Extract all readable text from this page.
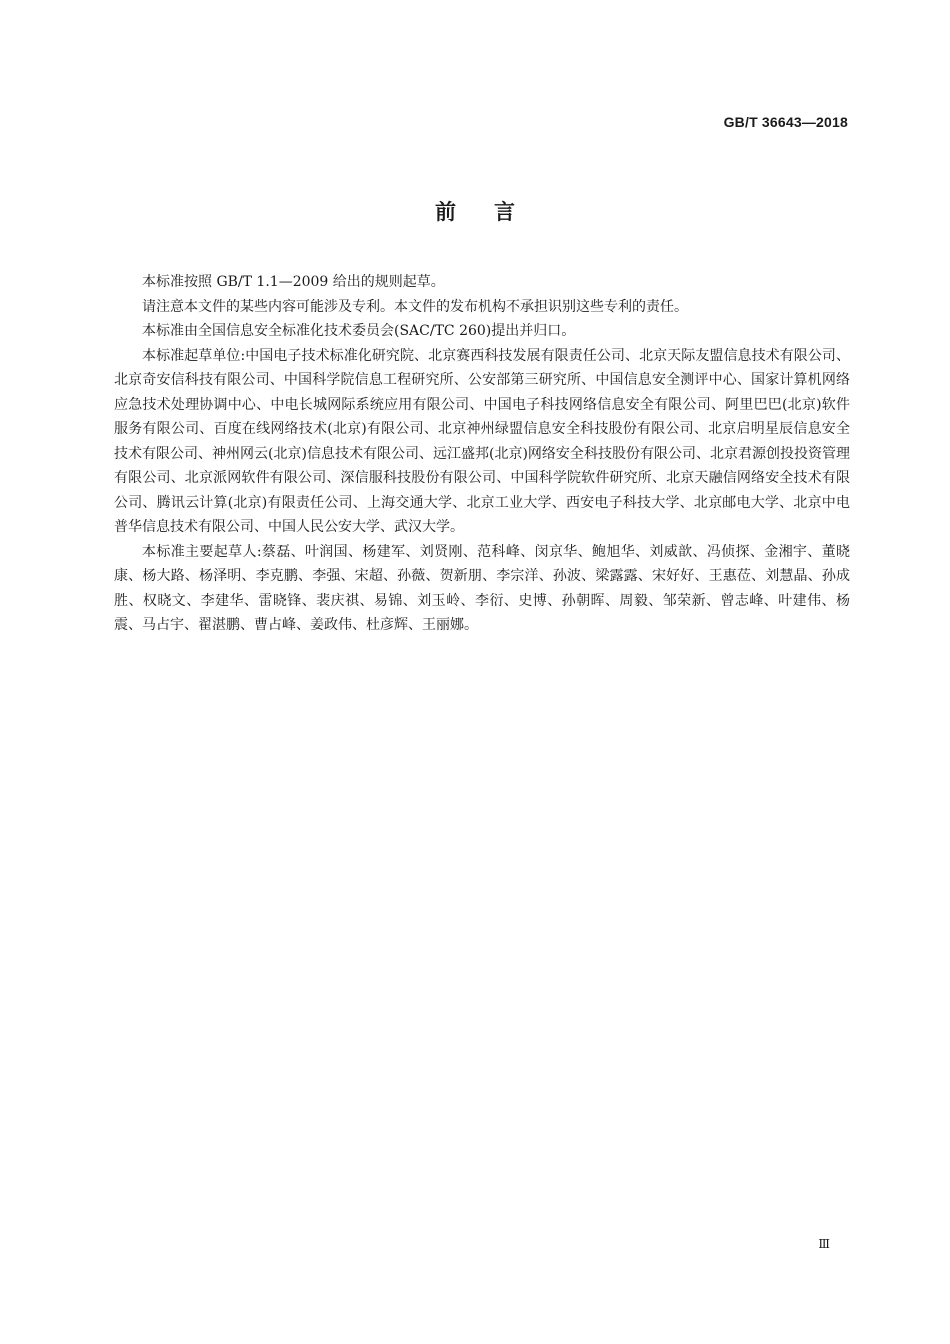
GB/T 36643—2018
前言

本标准按照 GB/T 1.1—2009 给出的规则起草。

请注意本文件的某些内容可能涉及专利。本文件的发布机构不承担识别这些专利的责任。

本标准由全国信息安全标准化技术委员会(SAC/TC 260)提出并归口。

本标准起草单位:中国电子技术标准化研究院、北京赛西科技发展有限责任公司、北京天际友盟信息技术有限公司、北京奇安信科技有限公司、中国科学院信息工程研究所、公安部第三研究所、中国信息安全测评中心、国家计算机网络应急技术处理协调中心、中电长城网际系统应用有限公司、中国电子科技网络信息安全有限公司、阿里巴巴(北京)软件服务有限公司、百度在线网络技术(北京)有限公司、北京神州绿盟信息安全科技股份有限公司、北京启明星辰信息安全技术有限公司、神州网云(北京)信息技术有限公司、远江盛邦(北京)网络安全科技股份有限公司、北京君源创投投资管理有限公司、北京派网软件有限公司、深信服科技股份有限公司、中国科学院软件研究所、北京天融信网络安全技术有限公司、腾讯云计算(北京)有限责任公司、上海交通大学、北京工业大学、西安电子科技大学、北京邮电大学、北京中电普华信息技术有限公司、中国人民公安大学、武汉大学。

本标准主要起草人:蔡磊、叶润国、杨建军、刘贤刚、范科峰、闵京华、鲍旭华、刘威歆、冯侦探、金湘宇、董晓康、杨大路、杨泽明、李克鹏、李强、宋超、孙薇、贺新朋、李宗洋、孙波、梁露露、宋好好、王惠莅、刘慧晶、孙成胜、权晓文、李建华、雷晓锋、裴庆祺、易锦、刘玉岭、李衍、史博、孙朝晖、周毅、邹荣新、曾志峰、叶建伟、杨震、马占宇、翟湛鹏、曹占峰、姜政伟、杜彦辉、王丽娜。

Ⅲ
